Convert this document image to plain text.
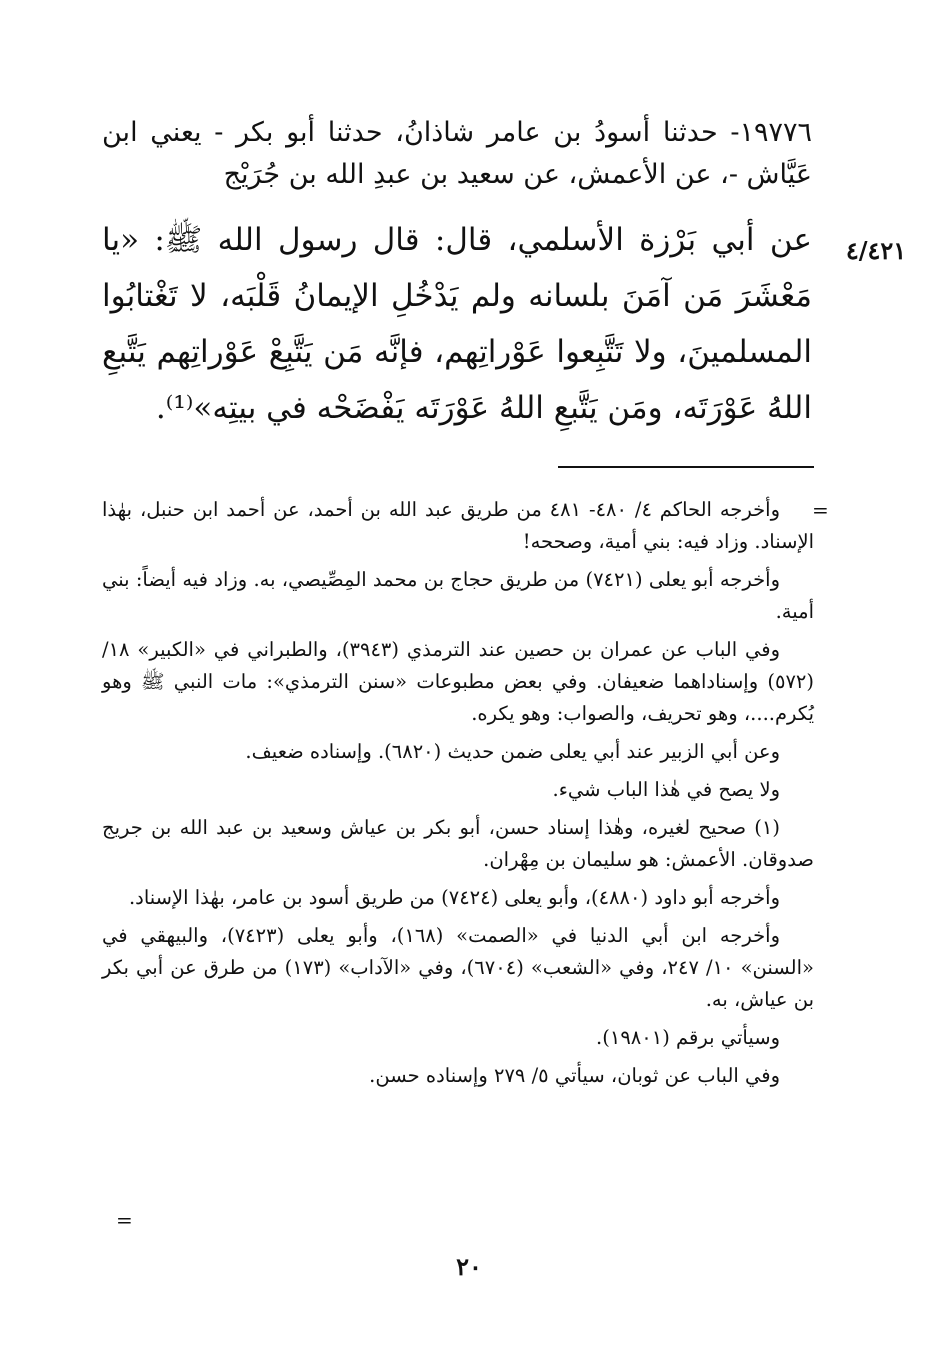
٤/٤٢١
١٩٧٧٦- حدثنا أسودُ بن عامر شاذانُ، حدثنا أبو بكر - يعني ابن عَيَّاش -، عن الأعمش، عن سعيد بن عبدِ الله بن جُرَيْج
عن أبي بَرْزة الأسلمي، قال: قال رسول الله ﷺ: «يا مَعْشَرَ مَن آمَنَ بلسانه ولم يَدْخُلِ الإيمانُ قَلْبَه، لا تَغْتابُوا المسلمينَ، ولا تَتَّبِعوا عَوْراتِهم، فإنَّه مَن يَتَّبِعْ عَوْراتِهم يَتَّبعِ اللهُ عَوْرَتَه، ومَن يَتَّبعِ اللهُ عَوْرَتَه يَفْضَحْه في بيتِه»⁽¹⁾.
=

وأخرجه الحاكم ٤/ ٤٨٠- ٤٨١ من طريق عبد الله بن أحمد، عن أحمد ابن حنبل، بهٰذا الإسناد. وزاد فيه: بني أمية، وصححه!

وأخرجه أبو يعلى (٧٤٢١) من طريق حجاج بن محمد المِصِّيصي، به. وزاد فيه أيضاً: بني أمية.

وفي الباب عن عمران بن حصين عند الترمذي (٣٩٤٣)، والطبراني في «الكبير» ١٨/ (٥٧٢) وإسناداهما ضعيفان. وفي بعض مطبوعات «سنن الترمذي»: مات النبي ﷺ وهو يُكرم....، وهو تحريف، والصواب: وهو يكره.

وعن أبي الزبير عند أبي يعلى ضمن حديث (٦٨٢٠). وإسناده ضعيف.

ولا يصح في هٰذا الباب شيء.

(١) صحيح لغيره، وهٰذا إسناد حسن، أبو بكر بن عياش وسعيد بن عبد الله بن جريج صدوقان. الأعمش: هو سليمان بن مِهْران.

وأخرجه أبو داود (٤٨٨٠)، وأبو يعلى (٧٤٢٤) من طريق أسود بن عامر، بهٰذا الإسناد.

وأخرجه ابن أبي الدنيا في «الصمت» (١٦٨)، وأبو يعلى (٧٤٢٣)، والبيهقي في «السنن» ١٠/ ٢٤٧، وفي «الشعب» (٦٧٠٤)، وفي «الآداب» (١٧٣) من طرق عن أبي بكر بن عياش، به.

وسيأتي برقم (١٩٨٠١).

وفي الباب عن ثوبان، سيأتي ٥/ ٢٧٩ وإسناده حسن.

=
٢٠
